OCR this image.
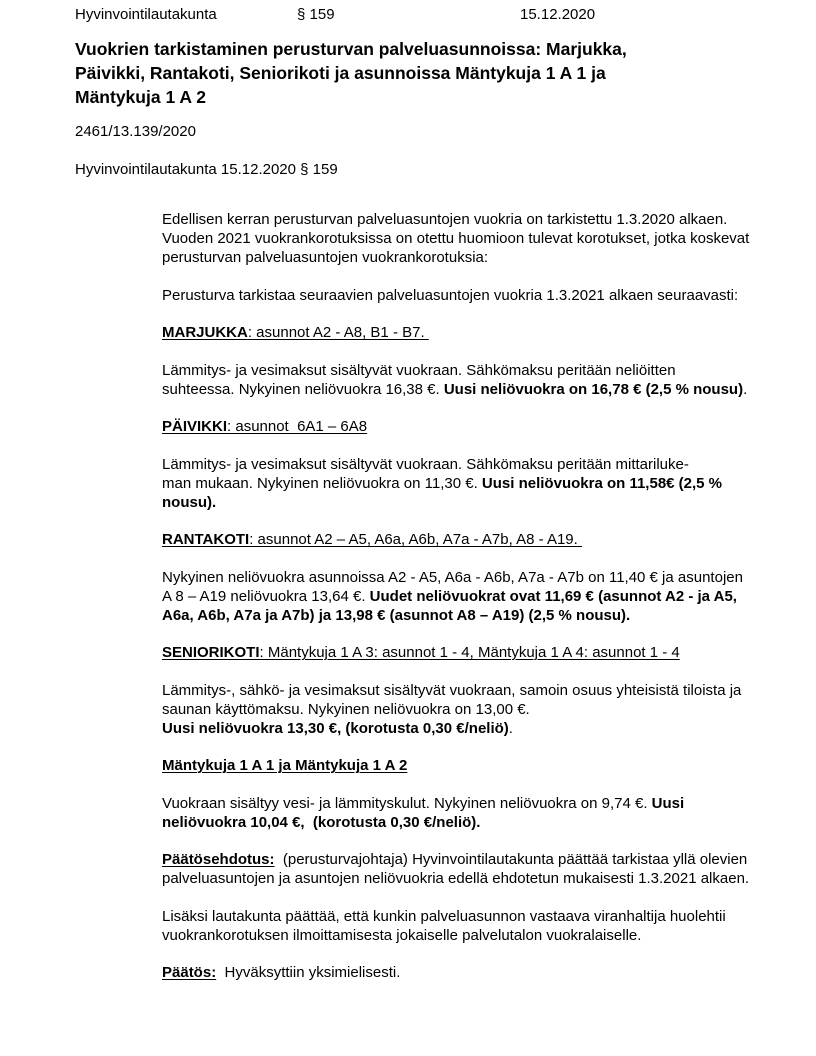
Hyvinvointilautakunta	§ 159	15.12.2020
Vuokrien tarkistaminen perusturvan palveluasunnoissa: Marjukka, Päivikki, Rantakoti, Seniorikoti ja asunnoissa Mäntykuja 1 A 1 ja Mäntykuja 1 A 2
2461/13.139/2020
Hyvinvointilautakunta 15.12.2020 § 159

Edellisen kerran perusturvan palveluasuntojen vuokria on tarkistettu 1.3.2020 alkaen. Vuoden 2021 vuokrankorotuksissa on otettu huomioon tulevat korotukset, jotka koskevat perusturvan palveluasuntojen vuokrankorotuksia:

Perusturva tarkistaa seuraavien palveluasuntojen vuokria 1.3.2021 alkaen seuraavasti:

MARJUKKA: asunnot A2 - A8, B1 - B7.

Lämmitys- ja vesimaksut sisältyvät vuokraan. Sähkömaksu peritään neliöitten suhteessa. Nykyinen neliövuokra 16,38 €. Uusi neliövuokra on 16,78 € (2,5 % nousu).

PÄIVIKKI: asunnot  6A1 – 6A8

Lämmitys- ja vesimaksut sisältyvät vuokraan. Sähkömaksu peritään mittariluke-
man mukaan. Nykyinen neliövuokra on 11,30 €. Uusi neliövuokra on 11,58€ (2,5 % nousu).

RANTAKOTI: asunnot A2 – A5, A6a, A6b, A7a - A7b, A8 - A19.

Nykyinen neliövuokra asunnoissa A2 - A5, A6a - A6b, A7a - A7b on 11,40 € ja asuntojen A 8 – A19 neliövuokra 13,64 €. Uudet neliövuokrat ovat 11,69 € (asunnot A2 - ja A5, A6a, A6b, A7a ja A7b) ja 13,98 € (asunnot A8 – A19) (2,5 % nousu).

SENIORIKOTI: Mäntykuja 1 A 3: asunnot 1 - 4, Mäntykuja 1 A 4: asunnot 1 - 4

Lämmitys-, sähkö- ja vesimaksut sisältyvät vuokraan, samoin osuus yhteisistä tiloista ja saunan käyttömaksu. Nykyinen neliövuokra on 13,00 €.
Uusi neliövuokra 13,30 €, (korotusta 0,30 €/neliö).

Mäntykuja 1 A 1 ja Mäntykuja 1 A 2

Vuokraan sisältyy vesi- ja lämmityskulut. Nykyinen neliövuokra on 9,74 €. Uusi neliövuokra 10,04 €,  (korotusta 0,30 €/neliö).

Päätösehdotus:  (perusturvajohtaja) Hyvinvointilautakunta päättää tarkistaa yllä olevien palveluasuntojen ja asuntojen neliövuokria edellä ehdotetun mukaisesti 1.3.2021 alkaen.

Lisäksi lautakunta päättää, että kunkin palveluasunnon vastaava viranhaltija huolehtii vuokrankorotuksen ilmoittamisesta jokaiselle palvelutalon vuokralaiselle.

Päätös:  Hyväksyttiin yksimielisesti.
